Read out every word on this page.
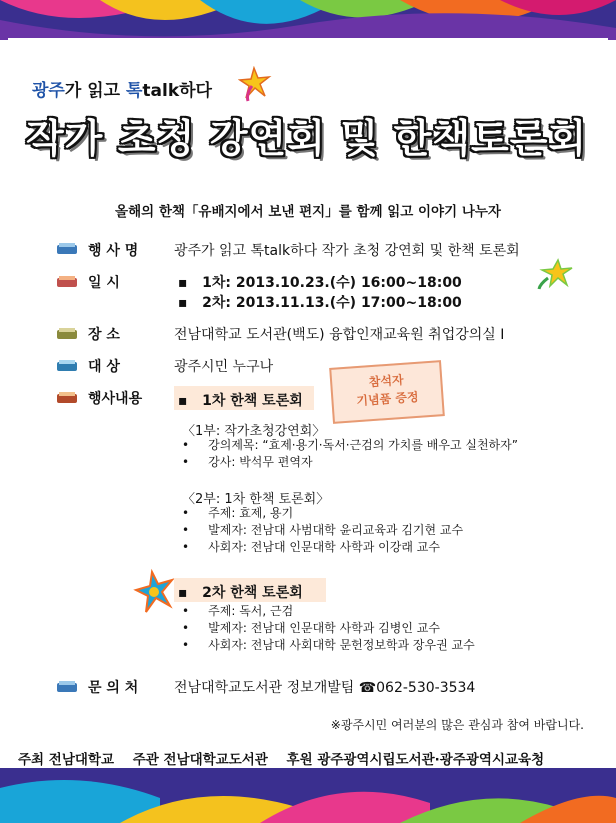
광주가 읽고 톡talk하다
작가 초청 강연회 및 한책토론회
올해의 한책「유배지에서 보낸 편지」를 함께 읽고 이야기 나누자
행 사 명	광주가 읽고 톡talk하다 작가 초청 강연회 및 한책 토론회
일 시	▪   1차: 2013.10.23.(수) 16:00~18:00
▪   2차: 2013.11.13.(수) 17:00~18:00
장 소	전남대학교 도서관(백도) 융합인재교육원 취업강의실 I
대 상	광주시민 누구나
참석자
기념품 증정
행사내용	▪   1차 한책 토론회
〈1부: 작가초청강연회〉
•     강의제목: “효제·용기·독서·근검의 가치를 배우고 실천하자”
•     강사: 박석무 편역자
〈2부: 1차 한책 토론회〉
•     주제: 효제, 용기
•     발제자: 전남대 사범대학 윤리교육과 김기현 교수
•     사회자: 전남대 인문대학 사학과 이강래 교수
▪   2차 한책 토론회
•     주제: 독서, 근검
•     발제자: 전남대 인문대학 사학과 김병인 교수
•     사회자: 전남대 사회대학 문헌정보학과 장우권 교수
문 의 처	전남대학교도서관 정보개발팀 ☎062-530-3534
※광주시민 여러분의 많은 관심과 참여 바랍니다.
주최 전남대학교 주관 전남대학교도서관 후원 광주광역시립도서관·광주광역시교육청
